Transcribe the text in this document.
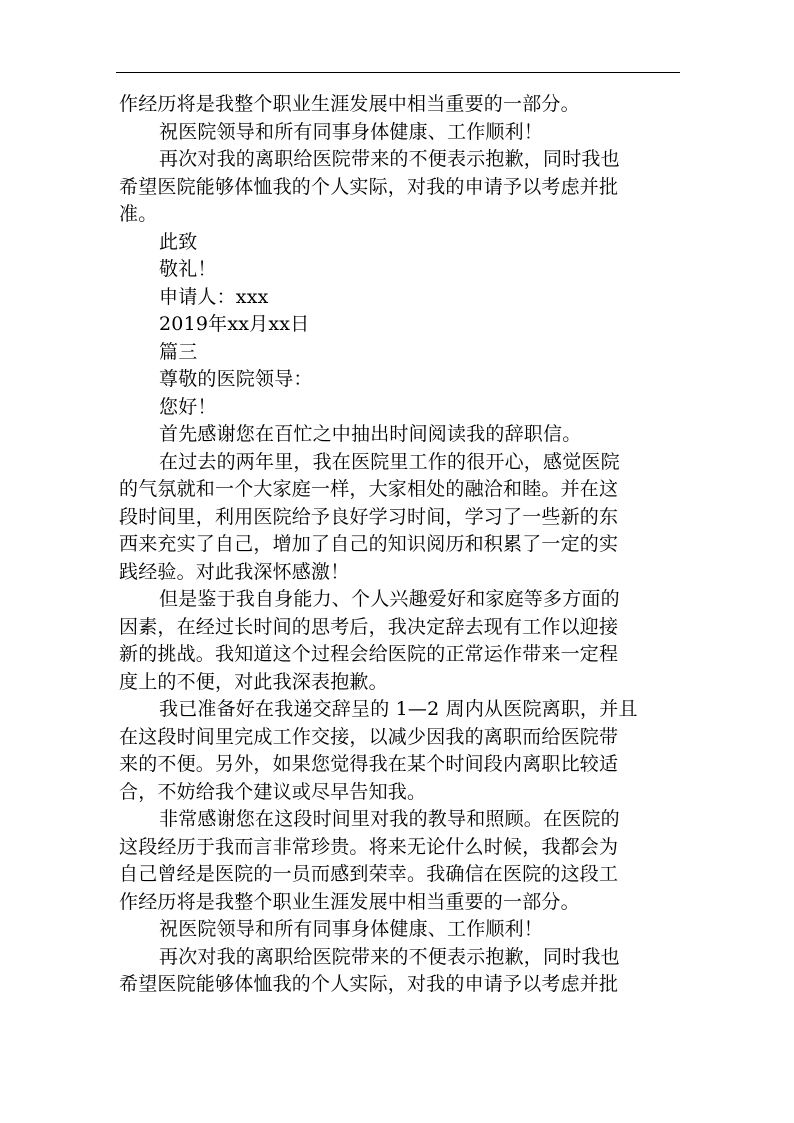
作经历将是我整个职业生涯发展中相当重要的一部分。
祝医院领导和所有同事身体健康、工作顺利！
再次对我的离职给医院带来的不便表示抱歉，同时我也
希望医院能够体恤我的个人实际，对我的申请予以考虑并批
准。
此致
敬礼！
申请人：xxx
2019年xx月xx日
篇三
尊敬的医院领导：
您好！
首先感谢您在百忙之中抽出时间阅读我的辞职信。
在过去的两年里，我在医院里工作的很开心，感觉医院
的气氛就和一个大家庭一样，大家相处的融洽和睦。并在这
段时间里，利用医院给予良好学习时间，学习了一些新的东
西来充实了自己，增加了自己的知识阅历和积累了一定的实
践经验。对此我深怀感激！
但是鉴于我自身能力、个人兴趣爱好和家庭等多方面的
因素，在经过长时间的思考后，我决定辞去现有工作以迎接
新的挑战。我知道这个过程会给医院的正常运作带来一定程
度上的不便，对此我深表抱歉。
我已准备好在我递交辞呈的 1—2 周内从医院离职，并且
在这段时间里完成工作交接，以减少因我的离职而给医院带
来的不便。另外，如果您觉得我在某个时间段内离职比较适
合，不妨给我个建议或尽早告知我。
非常感谢您在这段时间里对我的教导和照顾。在医院的
这段经历于我而言非常珍贵。将来无论什么时候，我都会为
自己曾经是医院的一员而感到荣幸。我确信在医院的这段工
作经历将是我整个职业生涯发展中相当重要的一部分。
祝医院领导和所有同事身体健康、工作顺利！
再次对我的离职给医院带来的不便表示抱歉，同时我也
希望医院能够体恤我的个人实际，对我的申请予以考虑并批
